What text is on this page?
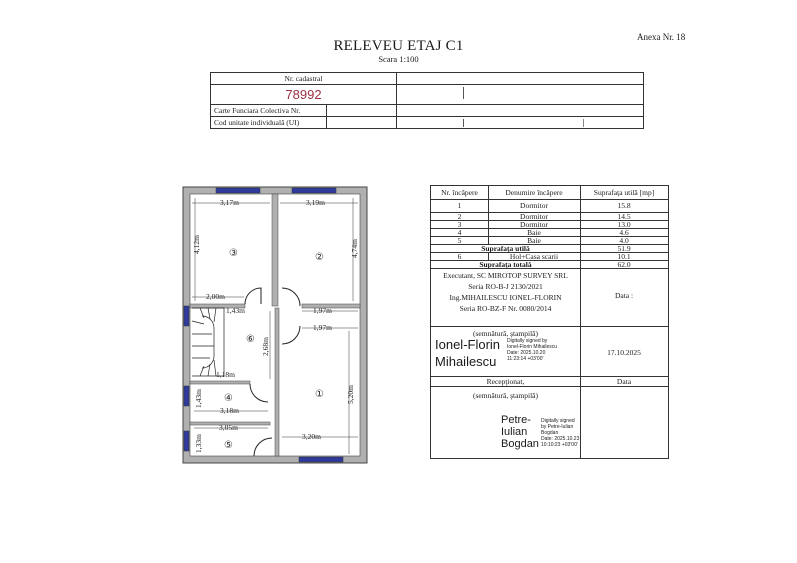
Anexa Nr. 18
RELEVEU ETAJ C1
Scara 1:100
Nr. cadastral
78992
Carte Funciara Colectiva Nr.
Cod unitate individuală (UI)
3,17m	3,19m
4,12m	4,74m
2,00m
1,43m	1,97m
1,97m
2,68m
1,18m
1,43m
3,18m
5,20m
3,05m
3,20m
1,33m
①
②
③
④
⑤
⑥
Nr. încăpere	Denumire încăpere	Suprafaţa utilă [mp]
1	Dormitor	15.8
2	Dormitor	14.5
3	Dormitor	13.0
4	Baie	4.6
5	Baie	4.0
Suprafaţa utilă	51.9
6	Hol+Casa scarii	10.1
Suprafaţa totală	62.0
Executant, SC MIROTOP SURVEY SRL
Seria RO-B-J 2130/2021
Ing.MIHAILESCU IONEL-FLORIN
Seria RO-BZ-F Nr. 0080/2014
Data :
(semnătură, ştampilă)
Ionel-Florin
Mihailescu
Digitally signed by
Ionel-Florin Mihailescu
Date: 2025.10.20
11:23:14 +03'00'
17.10.2025
Recepţionat,	Data
(semnătură, ştampilă)
Petre-
Iulian
Bogdan
Digitally signed
by Petre-Iulian
Bogdan
Date: 2025.10.23
10:10:23 +03'00'
